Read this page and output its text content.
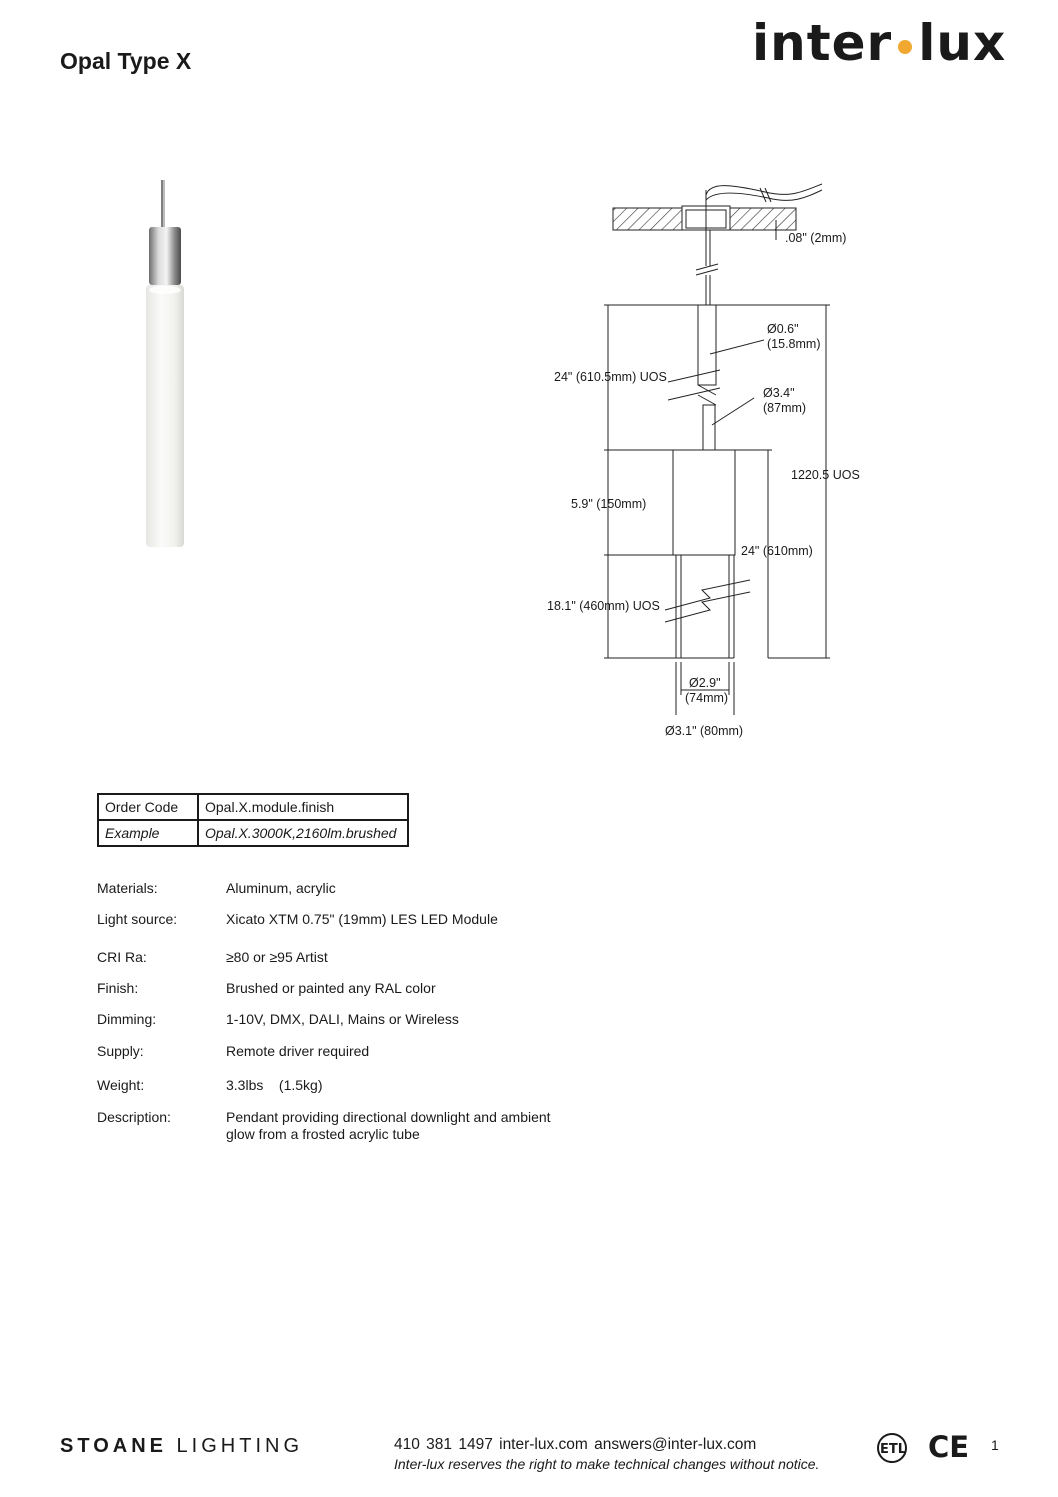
Opal Type X	inter lux
.08" (2mm)
Ø0.6"
(15.8mm)
24" (610.5mm) UOS
Ø3.4"
(87mm)
1220.5 UOS
5.9" (150mm)
24" (610mm)
18.1" (460mm) UOS
Ø2.9"
(74mm)
Ø3.1" (80mm)
Order Code	Opal.X.module.finish
Example	Opal.X.3000K,2160lm.brushed
Materials:	Aluminum, acrylic
Light source:	Xicato XTM 0.75" (19mm) LES LED Module
CRI Ra:	≥80 or ≥95 Artist
Finish:	Brushed or painted any RAL color
Dimming:	1-10V, DMX, DALI, Mains or Wireless
Supply:	Remote driver required
Weight:	3.3lbs    (1.5kg)
Description:	Pendant providing directional downlight and ambient glow from a frosted acrylic tube
STOANE LIGHTING	410 381 1497 inter-lux.com answers@inter-lux.com
Inter-lux reserves the right to make technical changes without notice.
ETL CE 1
